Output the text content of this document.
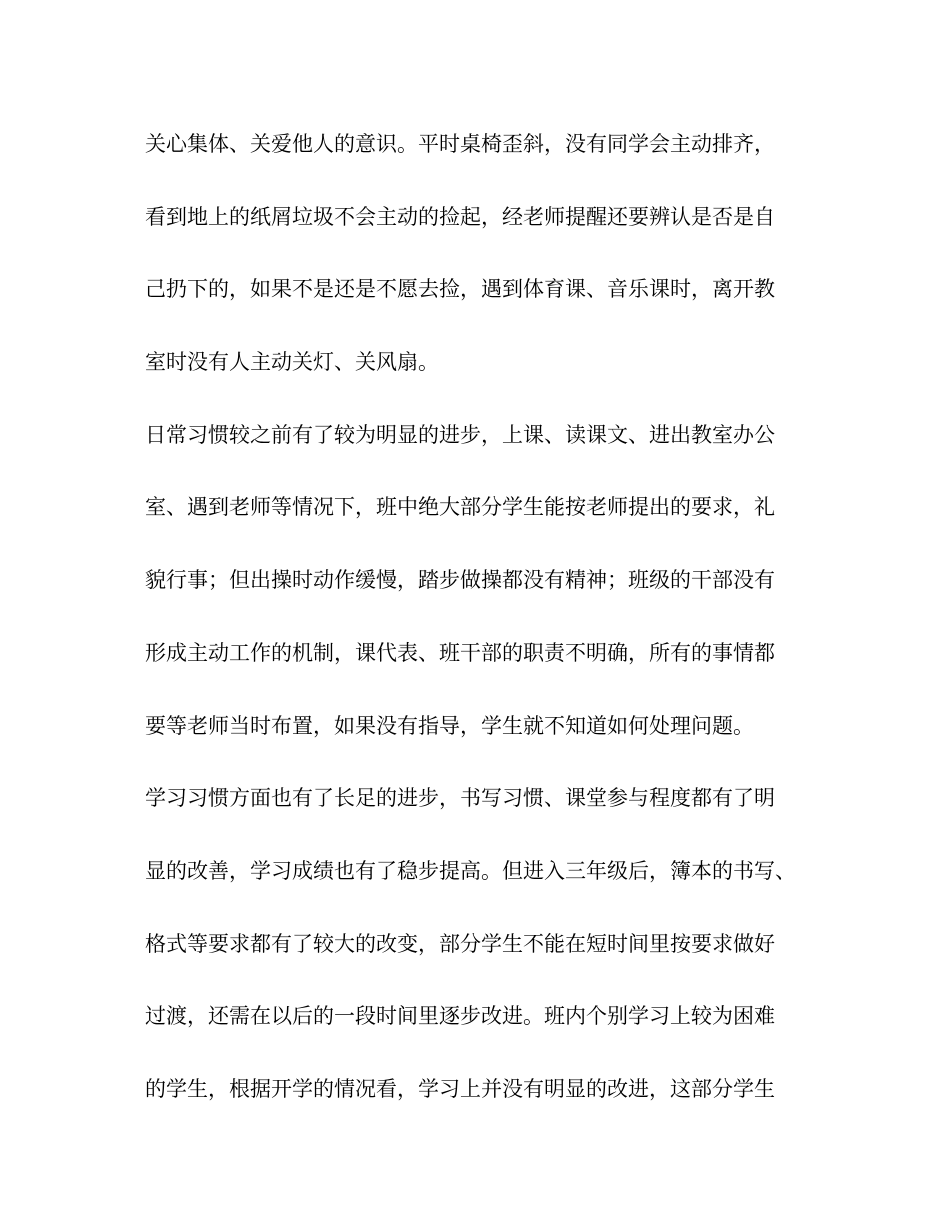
关心集体、关爱他人的意识。平时桌椅歪斜，没有同学会主动排齐，
看到地上的纸屑垃圾不会主动的捡起，经老师提醒还要辨认是否是自
己扔下的，如果不是还是不愿去捡，遇到体育课、音乐课时，离开教
室时没有人主动关灯、关风扇。
日常习惯较之前有了较为明显的进步，上课、读课文、进出教室办公
室、遇到老师等情况下，班中绝大部分学生能按老师提出的要求，礼
貌行事；但出操时动作缓慢，踏步做操都没有精神；班级的干部没有
形成主动工作的机制，课代表、班干部的职责不明确，所有的事情都
要等老师当时布置，如果没有指导，学生就不知道如何处理问题。
学习习惯方面也有了长足的进步，书写习惯、课堂参与程度都有了明
显的改善，学习成绩也有了稳步提高。但进入三年级后，簿本的书写、
格式等要求都有了较大的改变，部分学生不能在短时间里按要求做好
过渡，还需在以后的一段时间里逐步改进。班内个别学习上较为困难
的学生，根据开学的情况看，学习上并没有明显的改进，这部分学生
